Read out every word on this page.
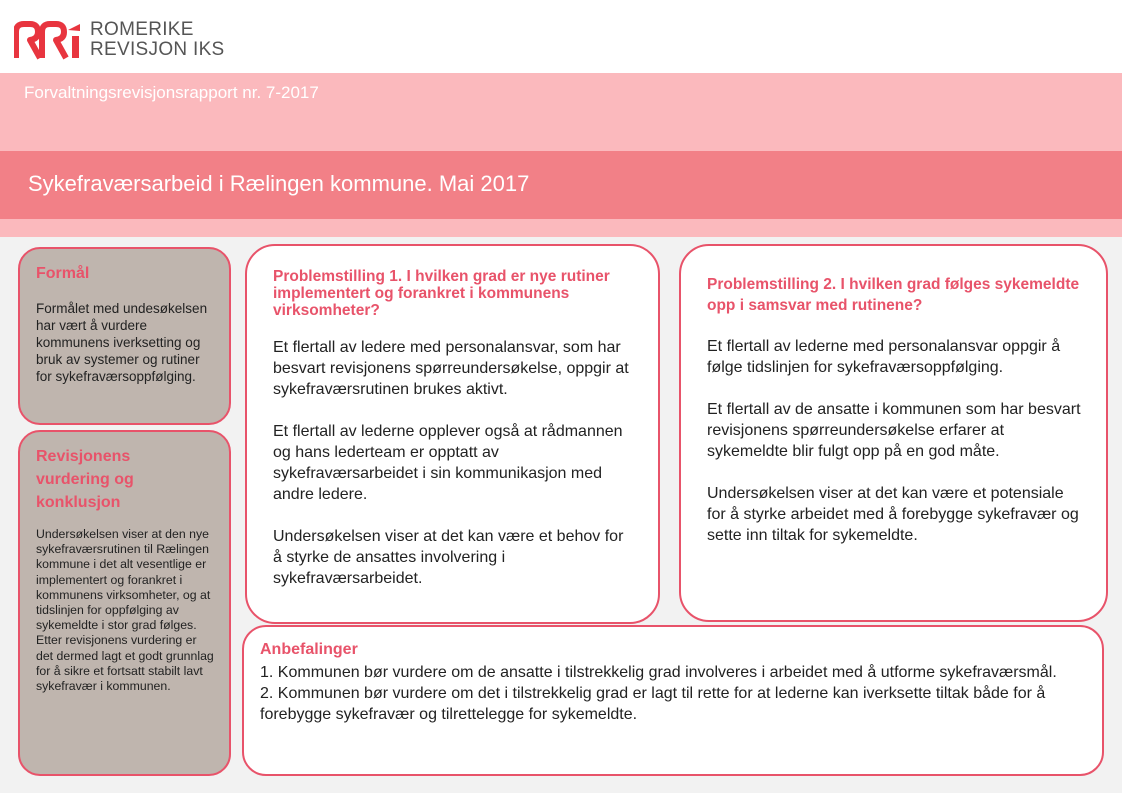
ROMERIKE
REVISJON IKS
Forvaltningsrevisjonsrapport nr. 7-2017
Sykefraværsarbeid i Rælingen kommune. Mai 2017
Formål
Formålet med undesøkelsen har vært å vurdere kommunens iverksetting og bruk av systemer og rutiner for sykefraværsoppfølging.
Revisjonens vurdering og konklusjon
Undersøkelsen viser at den nye sykefraværsrutinen til Rælingen kommune i det alt vesentlige er implementert og forankret i kommunens virksomheter, og at tidslinjen for oppfølging av sykemeldte i stor grad følges. Etter revisjonens vurdering er det dermed lagt et godt grunnlag for å sikre et fortsatt stabilt lavt sykefravær i kommunen.
Problemstilling 1. I hvilken grad er nye rutiner implementert og forankret i kommunens virksomheter?

Et flertall av ledere med personalansvar, som har besvart revisjonens spørreundersøkelse, oppgir at sykefraværsrutinen brukes aktivt.

Et flertall av lederne opplever også at rådmannen og hans lederteam er opptatt av sykefraværsarbeidet i sin kommunikasjon med andre ledere.

Undersøkelsen viser at det kan være et behov for å styrke de ansattes involvering i sykefraværsarbeidet.

Problemstilling 2. I hvilken grad følges sykemeldte opp i samsvar med rutinene?

Et flertall av lederne med personalansvar oppgir å følge tidslinjen for sykefraværsoppfølging.

Et flertall av de ansatte i kommunen som har besvart revisjonens spørreundersøkelse erfarer at sykemeldte blir fulgt opp på en god måte.

Undersøkelsen viser at det kan være et potensiale for å styrke arbeidet med å forebygge sykefravær og sette inn tiltak for sykemeldte.

Anbefalinger
1. Kommunen bør vurdere om de ansatte i tilstrekkelig grad involveres i arbeidet med å utforme sykefraværsmål.
2. Kommunen bør vurdere om det i tilstrekkelig grad er lagt til rette for at lederne kan iverksette tiltak både for å forebygge sykefravær og tilrettelegge for sykemeldte.
